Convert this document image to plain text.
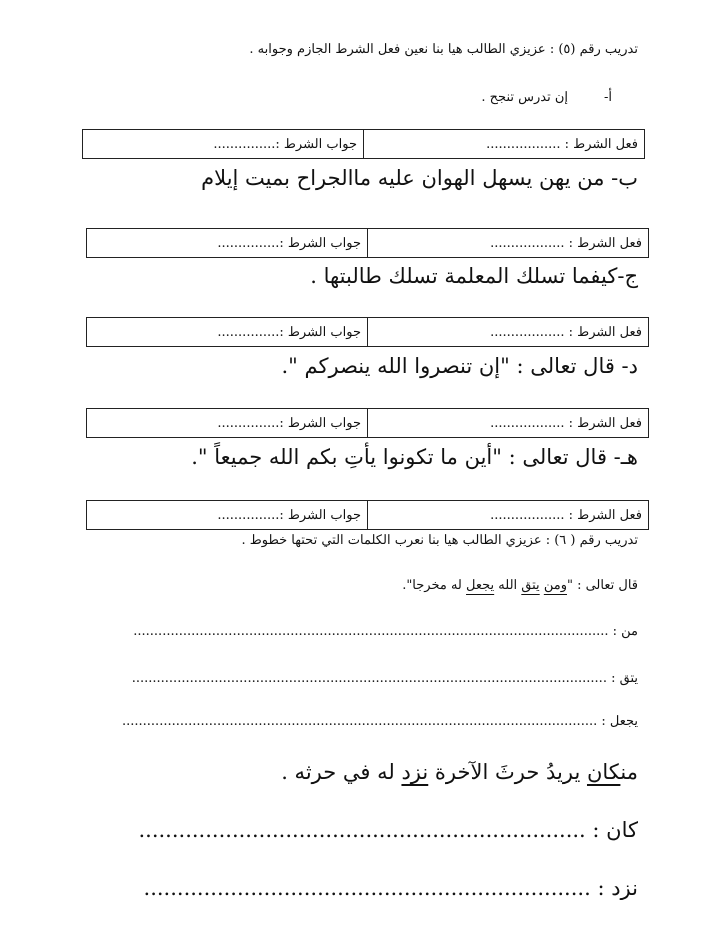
تدريب رقم (٥) : عزيزي الطالب هيا بنا نعين فعل الشرط الجازم وجوابه .
أ-
إن تدرس تنجح .
فعل الشرط : ..................
جواب الشرط :...............
ب- من يهن يسهل الهوان عليه ماالجراح بميت إيلام
فعل الشرط : ..................
جواب الشرط :...............
ج-كيفما تسلك المعلمة تسلك طالبتها .
فعل الشرط : ..................
جواب الشرط :...............
د- قال تعالى : "إن تنصروا الله ينصركم ".
فعل الشرط : ..................
جواب الشرط :...............
هـ- قال تعالى : "أين ما تكونوا يأتِ بكم الله جميعاً ".
فعل الشرط : ..................
جواب الشرط :...............
تدريب رقم ( ٦) : عزيزي الطالب هيا بنا نعرب الكلمات التي تحتها خطوط .
قال تعالى : "ومن يتق الله يجعل له مخرجا".
من : ...................................................................................................................
يتقِ : ...................................................................................................................
يجعل : ...................................................................................................................
منكان يريدُ حرثَ الآخرة نزد له في حرثه .
كان : ...................................................................
نزد : ...................................................................
